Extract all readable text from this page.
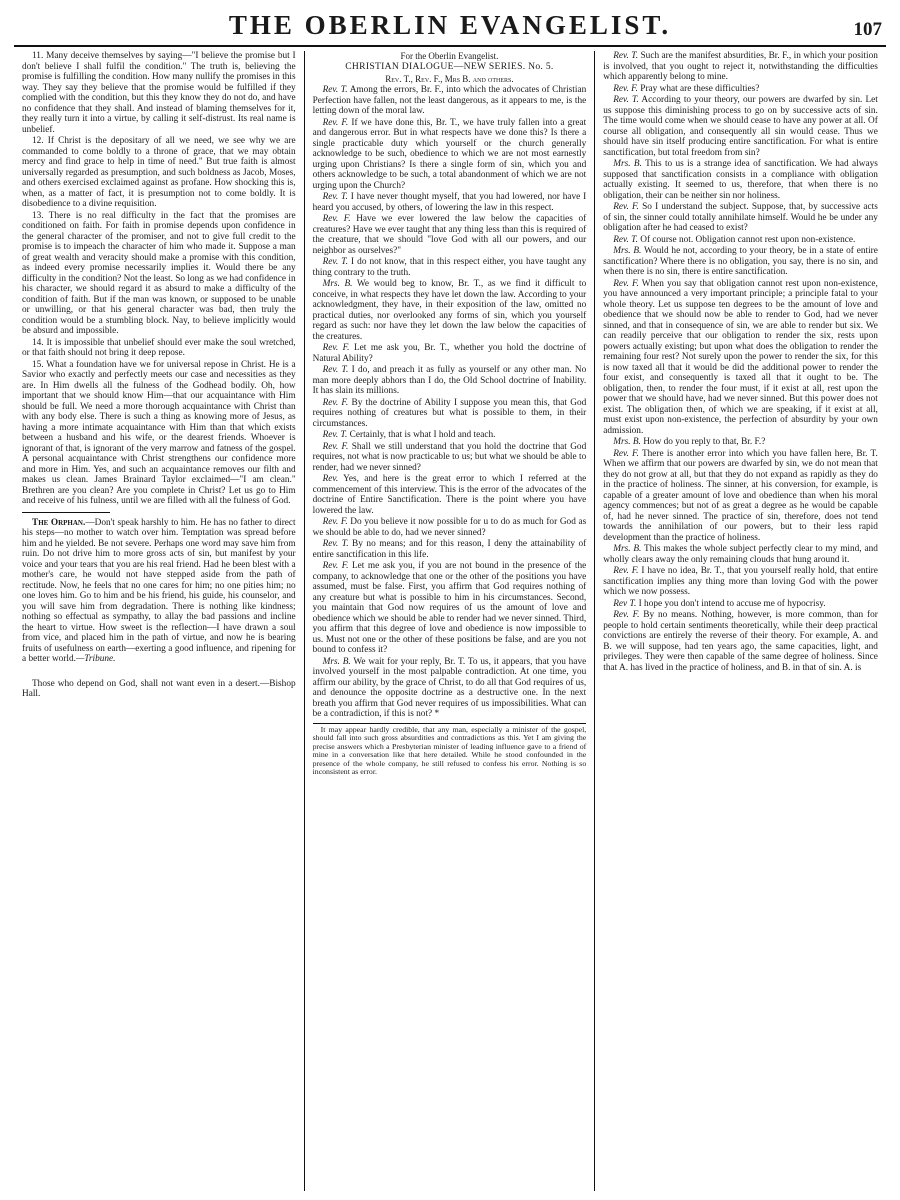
THE OBERLIN EVANGELIST.	107

11. Many deceive themselves by saying—"I believe the promise but I don't believe I shall fulfil the condition." The truth is, believing the promise is fulfilling the condition. How many nullify the promises in this way. They say they believe that the promise would be fulfilled if they complied with the condition, but this they know they do not do, and have no confidence that they shall. And instead of blaming themselves for it, they really turn it into a virtue, by calling it self-distrust. Its real name is unbelief.

12. If Christ is the depositary of all we need, we see why we are commanded to come boldly to a throne of grace, that we may obtain mercy and find grace to help in time of need." But true faith is almost universally regarded as presumption, and such boldness as Jacob, Moses, and others exercised exclaimed against as profane. How shocking this is, when, as a matter of fact, it is presumption not to come boldly. It is disobedience to a divine requisition.

13. There is no real difficulty in the fact that the promises are conditioned on faith. For faith in promise depends upon confidence in the general character of the promiser, and not to give full credit to the promise is to impeach the character of him who made it. Suppose a man of great wealth and veracity should make a promise with this condition, as indeed every promise necessarily implies it. Would there be any difficulty in the condition? Not the least. So long as we had confidence in his character, we should regard it as absurd to make a difficulty of the condition of faith. But if the man was known, or supposed to be unable or unwilling, or that his general character was bad, then truly the condition would be a stumbling block. Nay, to believe implicitly would be absurd and impossible.

14. It is impossible that unbelief should ever make the soul wretched, or that faith should not bring it deep repose.

15. What a foundation have we for universal repose in Christ. He is a Savior who exactly and perfectly meets our case and necessities as they are. In Him dwells all the fulness of the Godhead bodily. Oh, how important that we should know Him—that our acquaintance with Him should be full. We need a more thorough acquaintance with Christ than with any body else. There is such a thing as knowing more of Jesus, as having a more intimate acquaintance with Him than that which exists between a husband and his wife, or the dearest friends. Whoever is ignorant of that, is ignorant of the very marrow and fatness of the gospel. A personal acquaintance with Christ strengthens our confidence more and more in Him. Yes, and such an acquaintance removes our filth and makes us clean. James Brainard Taylor exclaimed—"I am clean." Brethren are you clean? Are you complete in Christ? Let us go to Him and receive of his fulness, until we are filled with all the fulness of God.

The Orphan.—Don't speak harshly to him. He has no father to direct his steps—no mother to watch over him. Temptation was spread before him and he yielded. Be not severe. Perhaps one word may save him from ruin. Do not drive him to more gross acts of sin, but manifest by your voice and your tears that you are his real friend. Had he been blest with a mother's care, he would not have stepped aside from the path of rectitude. Now, he feels that no one cares for him; no one pities him; no one loves him. Go to him and be his friend, his guide, his counselor, and you will save him from degradation. There is nothing like kindness; nothing so effectual as sympathy, to allay the bad passions and incline the heart to virtue. How sweet is the reflection—I have drawn a soul from vice, and placed him in the path of virtue, and now he is bearing fruits of usefulness on earth—exerting a good influence, and ripening for a better world.—Tribune.

Those who depend on God, shall not want even in a desert.—Bishop Hall.

For the Oberlin Evangelist.

CHRISTIAN DIALOGUE—NEW SERIES. No. 5.

Rev. T., Rev. F., Mrs B. and others.

Rev. T. Among the errors, Br. F., into which the advocates of Christian Perfection have fallen, not the least dangerous, as it appears to me, is the letting down of the moral law.

Rev. F. If we have done this, Br. T., we have truly fallen into a great and dangerous error. But in what respects have we done this? Is there a single practicable duty which yourself or the church generally acknowledge to be such, obedience to which we are not most earnestly urging upon Christians? Is there a single form of sin, which you and others acknowledge to be such, a total abandonment of which we are not urging upon the Church?

Rev. T. I have never thought myself, that you had lowered, nor have I heard you accused, by others, of lowering the law in this respect.

Rev. F. Have we ever lowered the law below the capacities of creatures? Have we ever taught that any thing less than this is required of the creature, that we should "love God with all our powers, and our neighbor as ourselves?"

Rev. T. I do not know, that in this respect either, you have taught any thing contrary to the truth.

Mrs. B. We would beg to know, Br. T., as we find it difficult to conceive, in what respects they have let down the law. According to your acknowledgment, they have, in their exposition of the law, omitted no practical duties, nor overlooked any forms of sin, which you yourself regard as such: nor have they let down the law below the capacities of the creatures.

Rev. F. Let me ask you, Br. T., whether you hold the doctrine of Natural Ability?

Rev. T. I do, and preach it as fully as yourself or any other man. No man more deeply abhors than I do, the Old School doctrine of Inability. It has slain its millions.

Rev. F. By the doctrine of Ability I suppose you mean this, that God requires nothing of creatures but what is possible to them, in their circumstances.

Rev. T. Certainly, that is what I hold and teach.

Rev. F. Shall we still understand that you hold the doctrine that God requires, not what is now practicable to us; but what we should be able to render, had we never sinned?

Rev. Yes, and here is the great error to which I referred at the commencement of this interview. This is the error of the advocates of the doctrine of Entire Sanctification. There is the point where you have lowered the law.

Rev. F. Do you believe it now possible for u to do as much for God as we should be able to do, had we never sinned?

Rev. T. By no means; and for this reason, I deny the attainability of entire sanctification in this life.

Rev. F. Let me ask you, if you are not bound in the presence of the company, to acknowledge that one or the other of the positions you have assumed, must be false. First, you affirm that God requires nothing of any creature but what is possible to him in his circumstances. Second, you maintain that God now requires of us the amount of love and obedience which we should be able to render had we never sinned. Third, you affirm that this degree of love and obedience is now impossible to us. Must not one or the other of these positions be false, and are you not bound to confess it?

Mrs. B. We wait for your reply, Br. T. To us, it appears, that you have involved yourself in the most palpable contradiction. At one time, you affirm our ability, by the grace of Christ, to do all that God requires of us, and denounce the opposite doctrine as a destructive one. In the next breath you affirm that God never requires of us impossibilities. What can be a contradiction, if this is not? *

It may appear hardly credible, that any man, especially a minister of the gospel, should fall into such gross absurdities and contradictions as this. Yet I am giving the precise answers which a Presbyterian minister of leading influence gave to a friend of mine in a conversation like that here detailed. While he stood confounded in the presence of the whole company, he still refused to confess his error. Nothing is so inconsistent as error.

Rev. T. Such are the manifest absurdities, Br. F., in which your position is involved, that you ought to reject it, notwithstanding the difficulties which apparently belong to mine.

Rev. F. Pray what are these difficulties?

Rev. T. According to your theory, our powers are dwarfed by sin. Let us suppose this diminishing process to go on by successive acts of sin. The time would come when we should cease to have any power at all. Of course all obligation, and consequently all sin would cease. Thus we should have sin itself producing entire sanctification. For what is entire sanctification, but total freedom from sin?

Mrs. B. This to us is a strange idea of sanctification. We had always supposed that sanctification consists in a compliance with obligation actually existing. It seemed to us, therefore, that when there is no obligation, their can be neither sin nor holiness.

Rev. F. So I understand the subject. Suppose, that, by successive acts of sin, the sinner could totally annihilate himself. Would he be under any obligation after he had ceased to exist?

Rev. T. Of course not. Obligation cannot rest upon non-existence.

Mrs. B. Would he not, according to your theory, be in a state of entire sanctification? Where there is no obligation, you say, there is no sin, and when there is no sin, there is entire sanctification.

Rev. F. When you say that obligation cannot rest upon non-existence, you have announced a very important principle; a principle fatal to your whole theory. Let us suppose ten degrees to be the amount of love and obedience that we should now be able to render to God, had we never sinned, and that in consequence of sin, we are able to render but six. We can readily perceive that our obligation to render the six, rests upon powers actually existing; but upon what does the obligation to render the remaining four rest? Not surely upon the power to render the six, for this is now taxed all that it would be did the additional power to render the four exist, and consequently is taxed all that it ought to be. The obligation, then, to render the four must, if it exist at all, rest upon the power that we should have, had we never sinned. But this power does not exist. The obligation then, of which we are speaking, if it exist at all, must exist upon non-existence, the perfection of absurdity by your own admission.

Mrs. B. How do you reply to that, Br. F.?

Rev. F. There is another error into which you have fallen here, Br. T. When we affirm that our powers are dwarfed by sin, we do not mean that they do not grow at all, but that they do not expand as rapidly as they do in the practice of holiness. The sinner, at his conversion, for example, is capable of a greater amount of love and obedience than when his moral agency commences; but not of as great a degree as he would be capable of, had he never sinned. The practice of sin, therefore, does not tend towards the annihilation of our powers, but to their less rapid development than the practice of holiness.

Mrs. B. This makes the whole subject perfectly clear to my mind, and wholly clears away the only remaining clouds that hung around it.

Rev. F. I have no idea, Br. T., that you yourself really hold, that entire sanctification implies any thing more than loving God with the power which we now possess.

Rev T. I hope you don't intend to accuse me of hypocrisy.

Rev. F. By no means. Nothing, however, is more common, than for people to hold certain sentiments theoretically, while their deep practical convictions are entirely the reverse of their theory. For example, A. and B. we will suppose, had ten years ago, the same capacities, light, and privileges. They were then capable of the same degree of holiness. Since that A. has lived in the practice of holiness, and B. in that of sin. A. is
